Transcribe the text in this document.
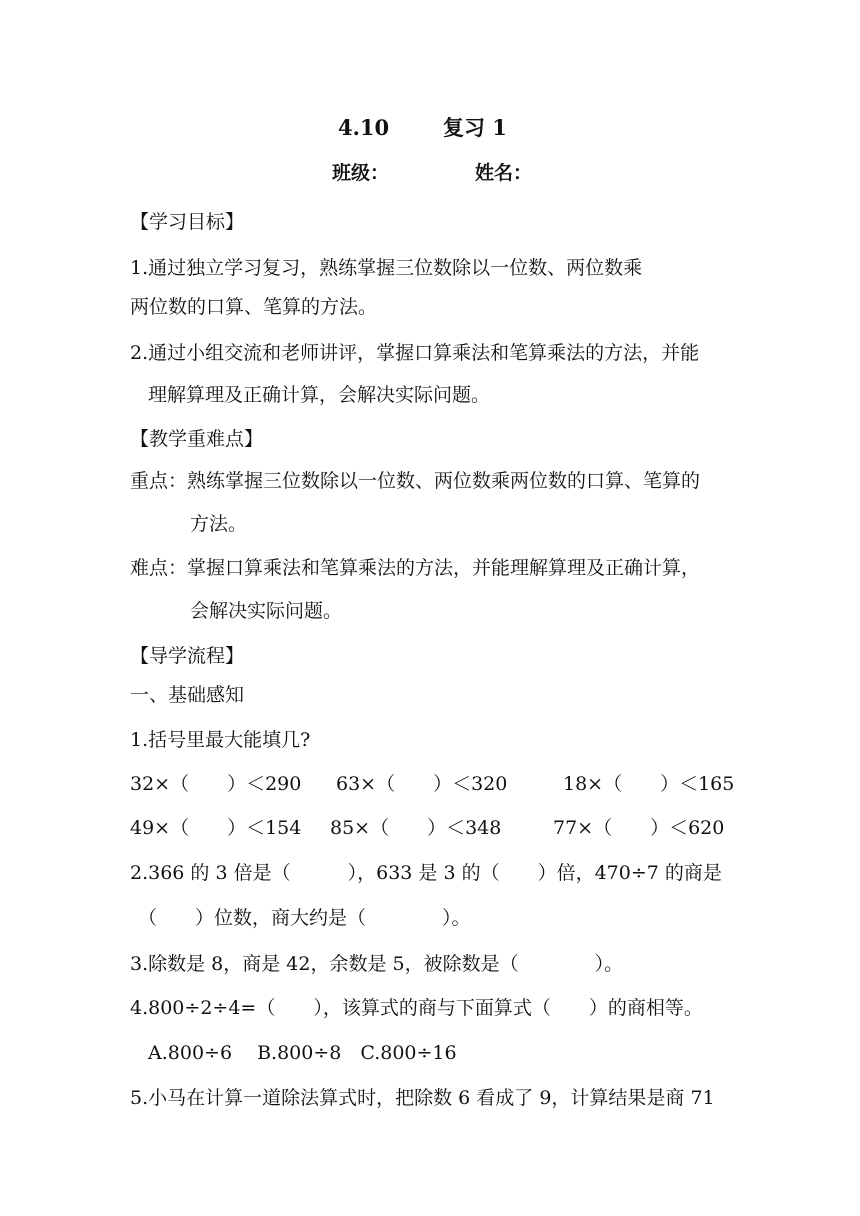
4.10	复习 1
班级：	姓名：
【学习目标】
1.通过独立学习复习，熟练掌握三位数除以一位数、两位数乘
两位数的口算、笔算的方法。
2.通过小组交流和老师讲评，掌握口算乘法和笔算乘法的方法，并能
理解算理及正确计算，会解决实际问题。
【教学重难点】
重点：熟练掌握三位数除以一位数、两位数乘两位数的口算、笔算的
方法。
难点：掌握口算乘法和笔算乘法的方法，并能理解算理及正确计算，
会解决实际问题。
【导学流程】
一、基础感知
1.括号里最大能填几?
32×（　　）＜290 63×（　　）＜320	18×（　　）＜165
49×（　　）＜154 85×（　　）＜348	77×（　　）＜620
2.366 的 3 倍是（　　　），633 是 3 的（　　）倍，470÷7 的商是
（　　）位数，商大约是（　　　　）。
3.除数是 8，商是 42，余数是 5，被除数是（　　　　）。
4.800÷2÷4=（　　），该算式的商与下面算式（　　）的商相等。
A.800÷6　 B.800÷8　C.800÷16
5.小马在计算一道除法算式时，把除数 6 看成了 9，计算结果是商 71
